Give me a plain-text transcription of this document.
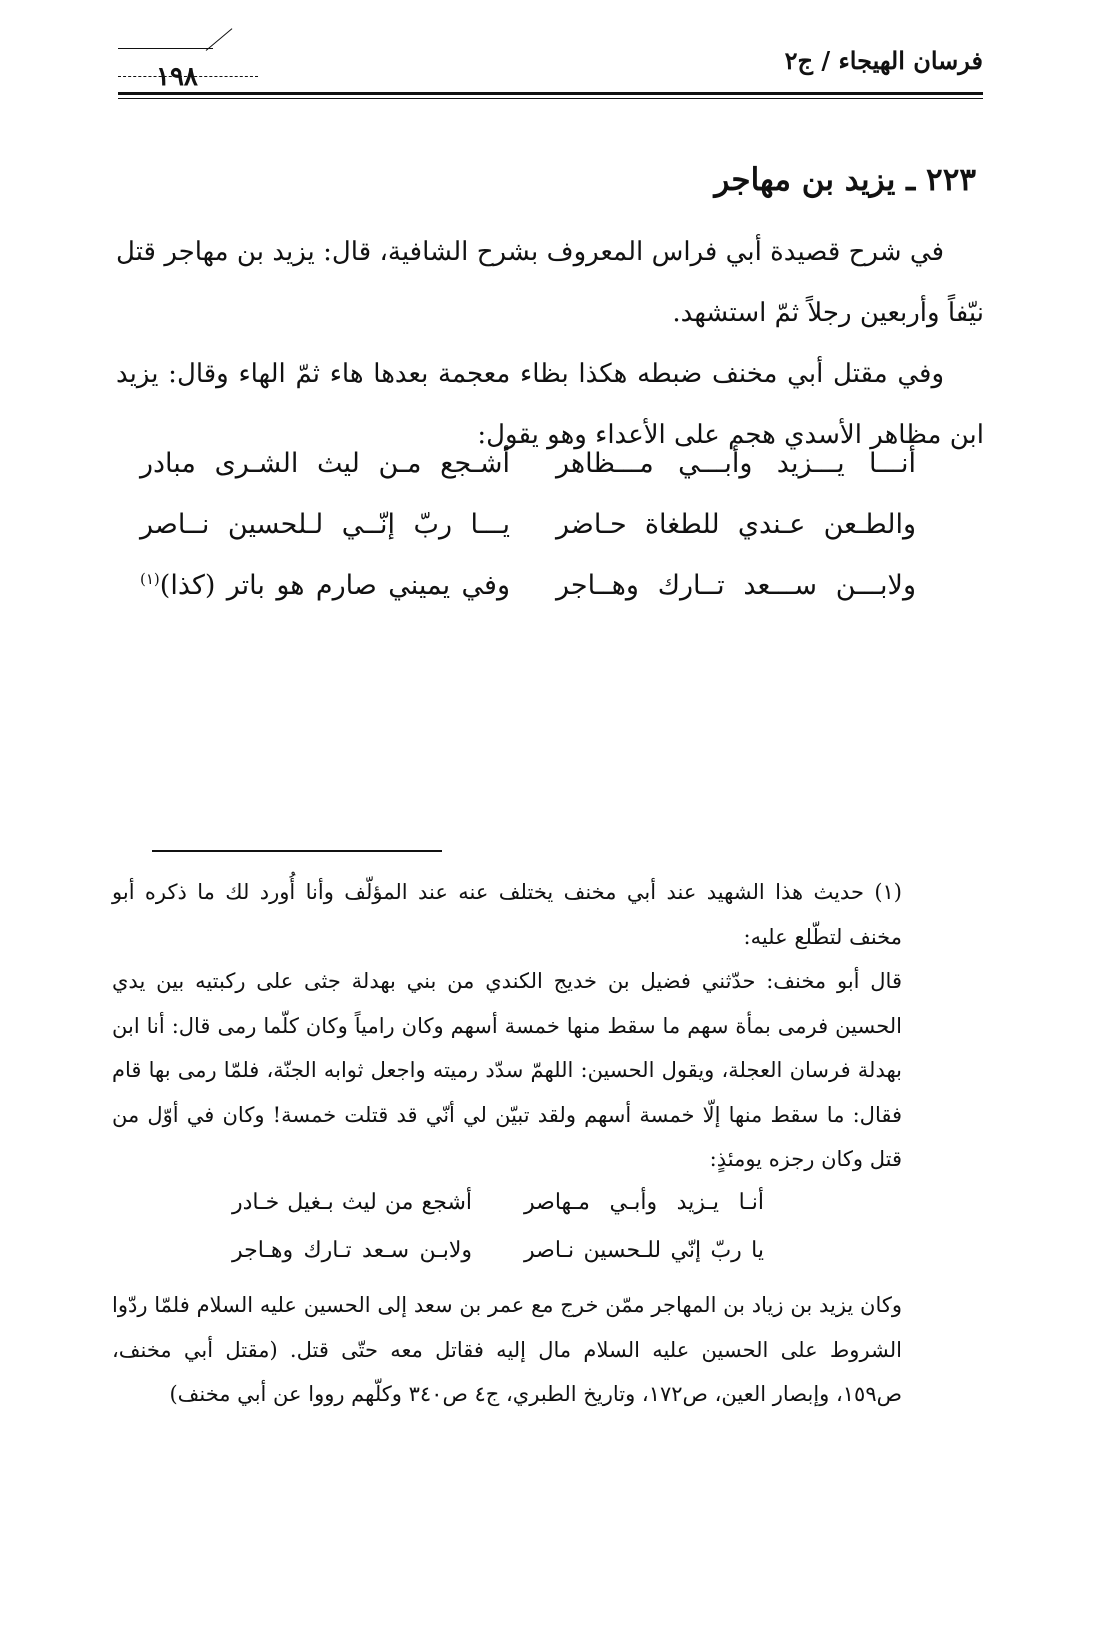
فرسان الهيجاء / ج٢
١٩٨
٢٢٣ ـ يزيد بن مهاجر

في شرح قصيدة أبي فراس المعروف بشرح الشافية، قال: يزيد بن مهاجر قتل نيّفاً وأربعين رجلاً ثمّ استشهد.

وفي مقتل أبي مخنف ضبطه هكذا بظاء معجمة بعدها هاء ثمّ الهاء وقال: يزيد ابن مظاهر الأسدي هجم على الأعداء وهو يقول:

أنـــا يـــزيد وأبـــي مـــظاهر
أشـجع مـن ليث الشـرى مبادر
والطـعن عـندي للطغاة حـاضر
يـــا ربّ إنّــي لـلحسين نــاصر
ولابـــن ســـعد تــارك وهــاجر
وفي يميني صارم هو باتر (كذا)$^{(١)}$

(١) حديث هذا الشهيد عند أبي مخنف يختلف عنه عند المؤلّف وأنا أُورد لك ما ذكره أبو مخنف لتطّلع عليه:

قال أبو مخنف: حدّثني فضيل بن خديج الكندي من بني بهدلة جثى على ركبتيه بين يدي الحسين فرمى بمأة سهم ما سقط منها خمسة أسهم وكان رامياً وكان كلّما رمى قال: أنا ابن بهدلة فرسان العجلة، ويقول الحسين: اللهمّ سدّد رميته واجعل ثوابه الجنّة، فلمّا رمى بها قام فقال: ما سقط منها إلّا خمسة أسهم ولقد تبيّن لي أنّي قد قتلت خمسة! وكان في أوّل من قتل وكان رجزه يومئذٍ:

أنـا يـزيد وأبـي مـهاصر
أشجع من ليث بـغيل خـادر
يا ربّ إنّي للـحسين نـاصر
ولابـن سـعد تـارك وهـاجر

وكان يزيد بن زياد بن المهاجر ممّن خرج مع عمر بن سعد إلى الحسين عليه السلام فلمّا ردّوا الشروط على الحسين عليه السلام مال إليه فقاتل معه حتّى قتل. (مقتل أبي مخنف، ص١٥٩، وإبصار العين، ص١٧٢، وتاريخ الطبري، ج٤ ص٣٤٠ وكلّهم رووا عن أبي مخنف)
